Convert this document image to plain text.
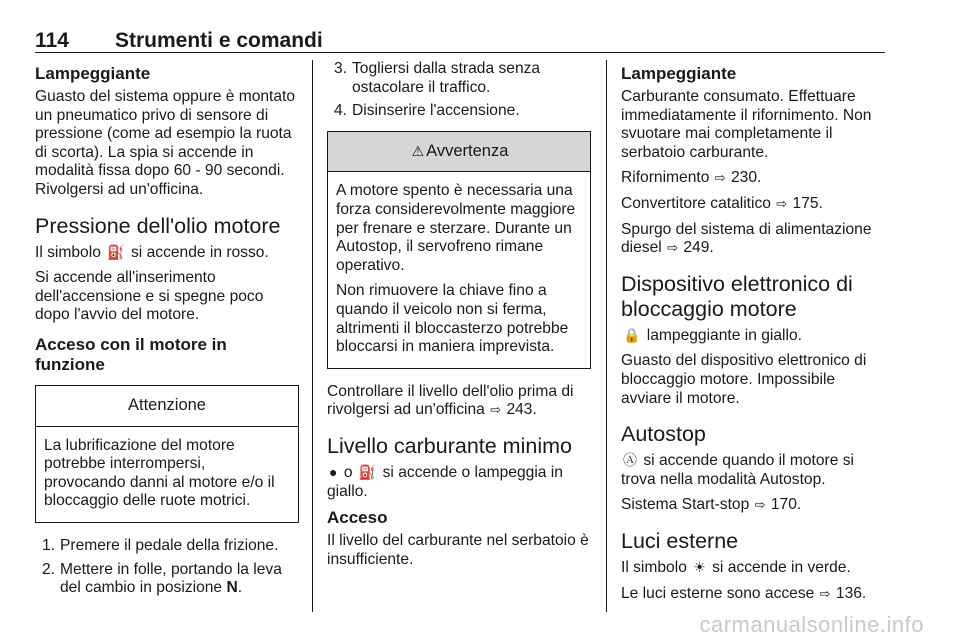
114 Strumenti e comandi
Lampeggiante

Guasto del sistema oppure è montato un pneumatico privo di sensore di pressione (come ad esempio la ruota di scorta). La spia si accende in modalità fissa dopo 60 - 90 secondi. Rivolgersi ad un'officina.

Pressione dell'olio motore

Il simbolo ⛽ si accende in rosso.

Si accende all'inserimento dell'accensione e si spegne poco dopo l'avvio del motore.

Acceso con il motore in funzione
Attenzione

La lubrificazione del motore potrebbe interrompersi, provocando danni al motore e/o il bloccaggio delle ruote motrici.

1. Premere il pedale della frizione.
2. Mettere in folle, portando la leva del cambio in posizione N.
3. Togliersi dalla strada senza ostacolare il traffico.
4. Disinserire l'accensione.
⚠ Avvertenza

A motore spento è necessaria una forza considerevolmente maggiore per frenare e sterzare. Durante un Autostop, il servofreno rimane operativo.

Non rimuovere la chiave fino a quando il veicolo non si ferma, altrimenti il bloccasterzo potrebbe bloccarsi in maniera imprevista.

Controllare il livello dell'olio prima di rivolgersi ad un'officina ⇨ 243.

Livello carburante minimo

● o ⛽ si accende o lampeggia in giallo.

Acceso

Il livello del carburante nel serbatoio è insufficiente.

Lampeggiante

Carburante consumato. Effettuare immediatamente il rifornimento. Non svuotare mai completamente il serbatoio carburante.

Rifornimento ⇨ 230.

Convertitore catalitico ⇨ 175.

Spurgo del sistema di alimentazione diesel ⇨ 249.

Dispositivo elettronico di bloccaggio motore

🔒 lampeggiante in giallo.

Guasto del dispositivo elettronico di bloccaggio motore. Impossibile avviare il motore.

Autostop

Ⓐ si accende quando il motore si trova nella modalità Autostop.

Sistema Start-stop ⇨ 170.

Luci esterne

Il simbolo ☀ si accende in verde.

Le luci esterne sono accese ⇨ 136.

carmanualsonline.info
